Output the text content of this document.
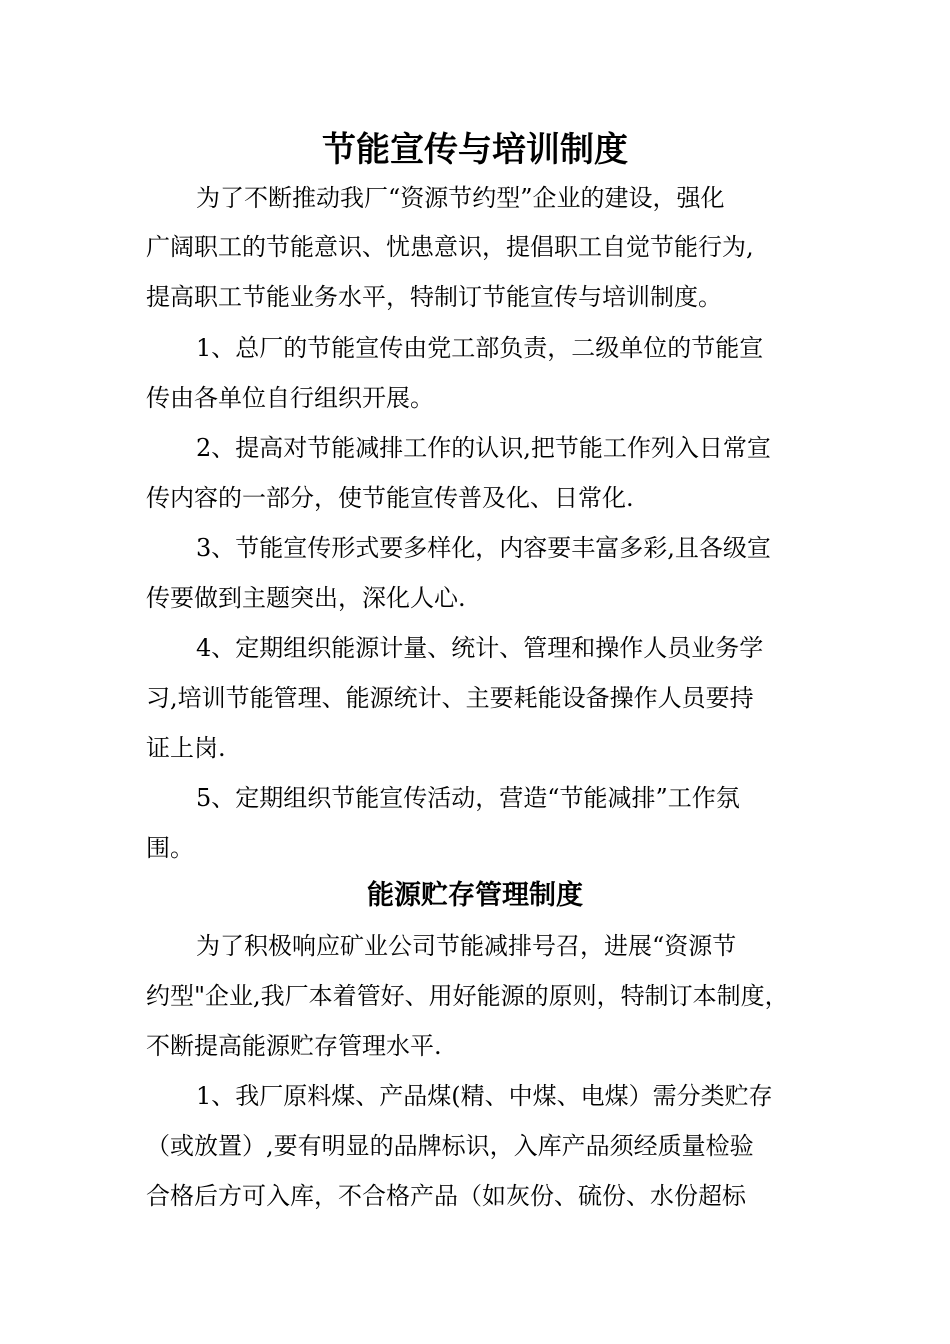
节能宣传与培训制度
为了不断推动我厂“资源节约型”企业的建设，强化
广阔职工的节能意识、忧患意识，提倡职工自觉节能行为,
提高职工节能业务水平，特制订节能宣传与培训制度。
1、总厂的节能宣传由党工部负责，二级单位的节能宣
传由各单位自行组织开展。
2、提高对节能减排工作的认识,把节能工作列入日常宣
传内容的一部分，使节能宣传普及化、日常化.
3、节能宣传形式要多样化，内容要丰富多彩,且各级宣
传要做到主题突出，深化人心.
4、定期组织能源计量、统计、管理和操作人员业务学
习,培训节能管理、能源统计、主要耗能设备操作人员要持
证上岗.
5、定期组织节能宣传活动，营造“节能减排”工作氛
围。
能源贮存管理制度
为了积极响应矿业公司节能减排号召，进展“资源节
约型"企业,我厂本着管好、用好能源的原则，特制订本制度，
不断提高能源贮存管理水平.
1、我厂原料煤、产品煤(精、中煤、电煤）需分类贮存
（或放置）,要有明显的品牌标识，入库产品须经质量检验
合格后方可入库，不合格产品（如灰份、硫份、水份超标
